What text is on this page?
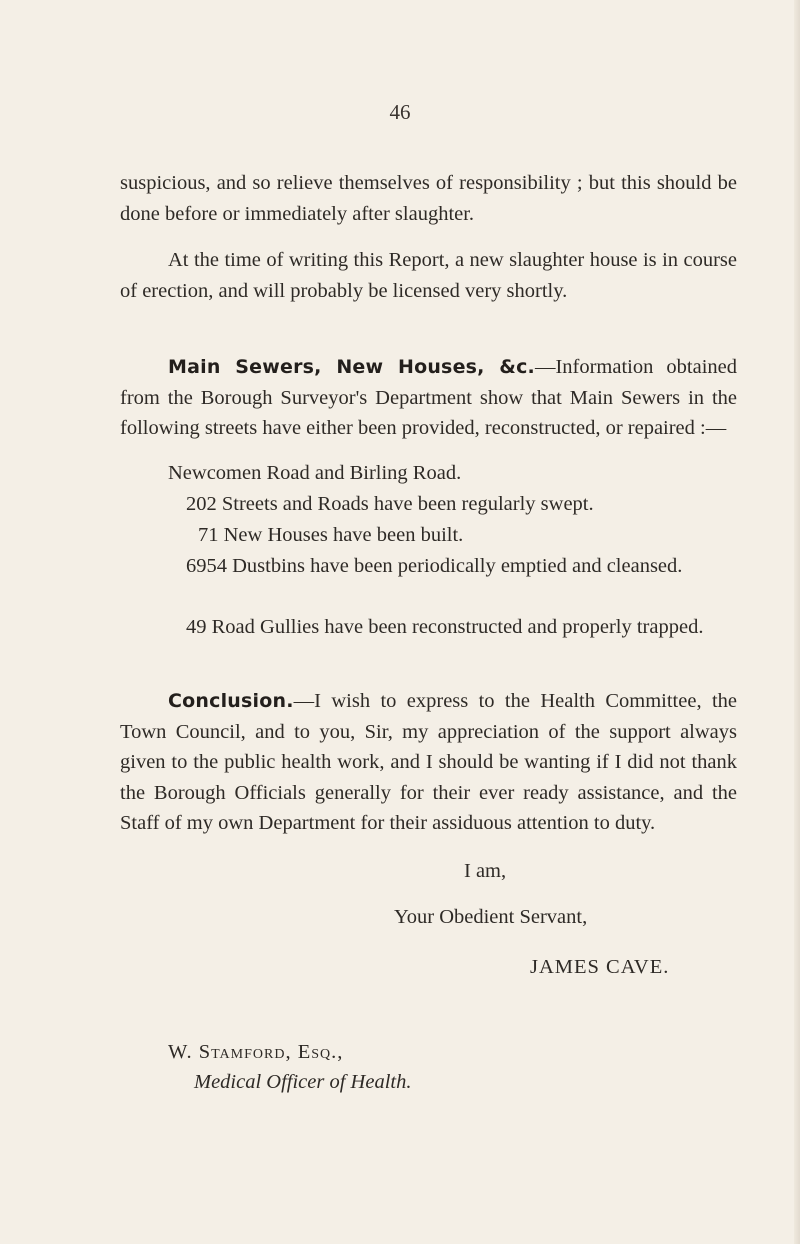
46

suspicious, and so relieve themselves of responsibility ; but this should be done before or immediately after slaughter.

At the time of writing this Report, a new slaughter house is in course of erection, and will probably be licensed very shortly.

Main Sewers, New Houses, &c.—Information obtained from the Borough Surveyor's Department show that Main Sewers in the following streets have either been provided, reconstructed, or repaired :—

Newcomen Road and Birling Road.

202 Streets and Roads have been regularly swept.

71 New Houses have been built.

6954 Dustbins have been periodically emptied and cleansed.

49 Road Gullies have been reconstructed and properly trapped.

Conclusion.—I wish to express to the Health Committee, the Town Council, and to you, Sir, my appreciation of the support always given to the public health work, and I should be wanting if I did not thank the Borough Officials generally for their ever ready assistance, and the Staff of my own Department for their assiduous attention to duty.

I am,
Your Obedient Servant,
JAMES CAVE.
W. Stamford, Esq.,
Medical Officer of Health.
